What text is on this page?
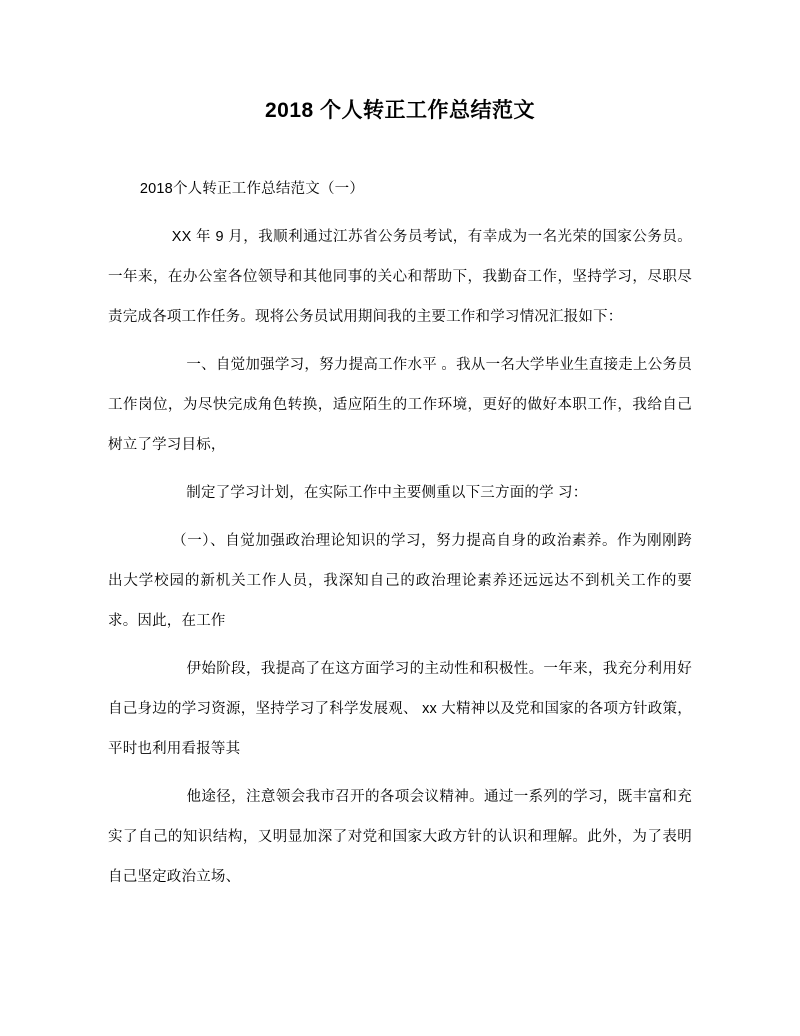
2018 个人转正工作总结范文

2018个人转正工作总结范文（一）

XX 年 9 月，我顺利通过江苏省公务员考试，有幸成为一名光荣的国家公务员。一年来，在办公室各位领导和其他同事的关心和帮助下，我勤奋工作，坚持学习，尽职尽责完成各项工作任务。现将公务员试用期间我的主要工作和学习情况汇报如下：

一、自觉加强学习，努力提高工作水平 。我从一名大学毕业生直接走上公务员工作岗位，为尽快完成角色转换，适应陌生的工作环境，更好的做好本职工作，我给自己树立了学习目标，

制定了学习计划，在实际工作中主要侧重以下三方面的学 习：

（一）、自觉加强政治理论知识的学习，努力提高自身的政治素养。作为刚刚跨出大学校园的新机关工作人员，我深知自己的政治理论素养还远远达不到机关工作的要求。因此，在工作

伊始阶段，我提高了在这方面学习的主动性和积极性。一年来，我充分利用好自己身边的学习资源，坚持学习了科学发展观、 xx 大精神以及党和国家的各项方针政策，平时也利用看报等其

他途径，注意领会我市召开的各项会议精神。通过一系列的学习，既丰富和充实了自己的知识结构，又明显加深了对党和国家大政方针的认识和理解。此外，为了表明自己坚定政治立场、
